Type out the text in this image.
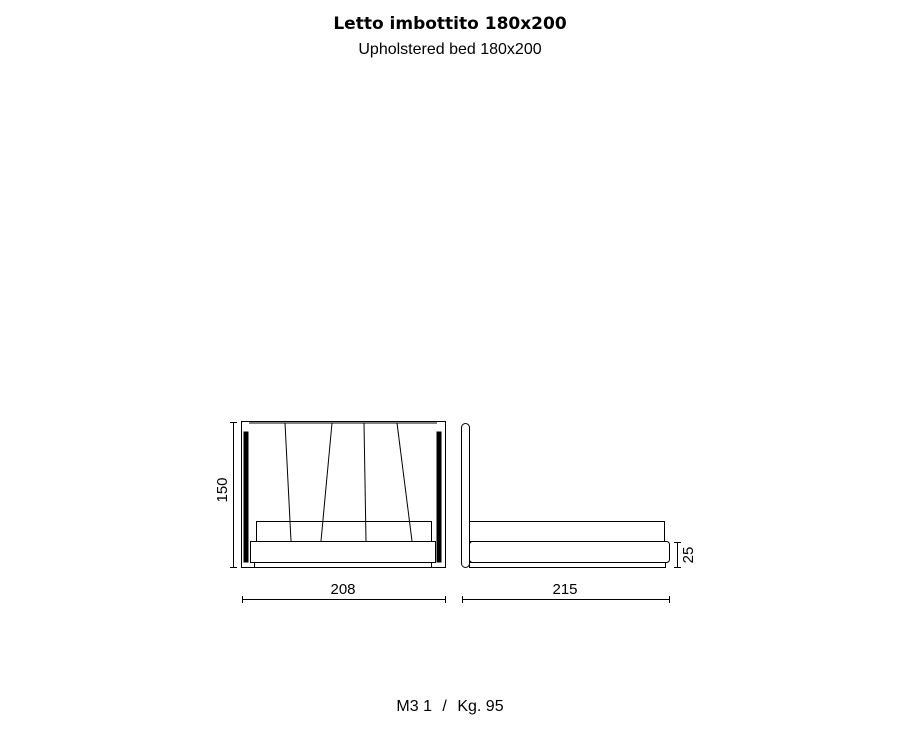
Letto imbottito 180x200
Upholstered bed 180x200
150
208	215
25
M3 1 / Kg. 95
